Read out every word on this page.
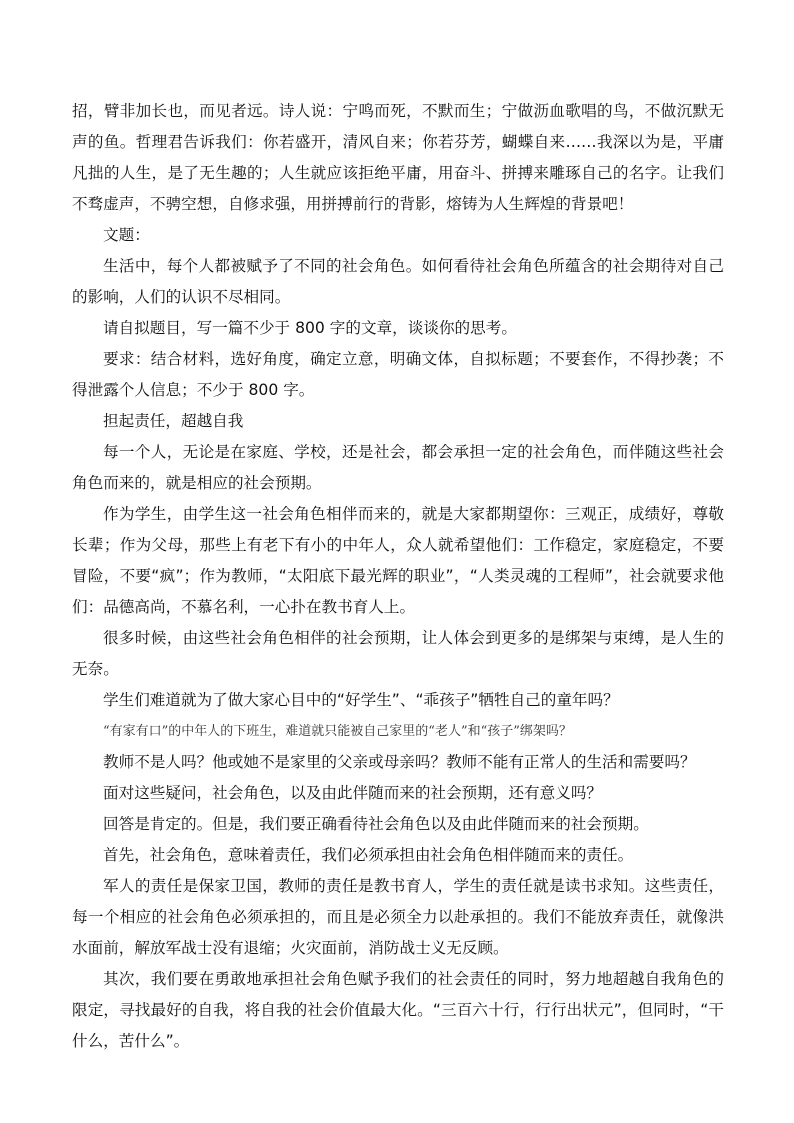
招，臂非加长也，而见者远。诗人说：宁鸣而死，不默而生；宁做沥血歌唱的鸟，不做沉默无声的鱼。哲理君告诉我们：你若盛开，清风自来；你若芬芳，蝴蝶自来……我深以为是，平庸凡拙的人生，是了无生趣的；人生就应该拒绝平庸，用奋斗、拼搏来雕琢自己的名字。让我们不骛虚声，不骋空想，自修求强，用拼搏前行的背影，熔铸为人生辉煌的背景吧！

文题：

生活中，每个人都被赋予了不同的社会角色。如何看待社会角色所蕴含的社会期待对自己的影响，人们的认识不尽相同。

请自拟题目，写一篇不少于 800 字的文章，谈谈你的思考。

要求：结合材料，选好角度，确定立意，明确文体，自拟标题；不要套作，不得抄袭；不得泄露个人信息；不少于 800 字。

担起责任，超越自我

每一个人，无论是在家庭、学校，还是社会，都会承担一定的社会角色，而伴随这些社会角色而来的，就是相应的社会预期。

作为学生，由学生这一社会角色相伴而来的，就是大家都期望你：三观正，成绩好，尊敬长辈；作为父母，那些上有老下有小的中年人，众人就希望他们：工作稳定，家庭稳定，不要冒险，不要“疯”；作为教师，“太阳底下最光辉的职业”，“人类灵魂的工程师”，社会就要求他们：品德高尚，不慕名利，一心扑在教书育人上。

很多时候，由这些社会角色相伴的社会预期，让人体会到更多的是绑架与束缚，是人生的无奈。

学生们难道就为了做大家心目中的“好学生”、“乖孩子”牺牲自己的童年吗？

“有家有口”的中年人的下班生，难道就只能被自己家里的“老人”和“孩子”绑架吗？

教师不是人吗？他或她不是家里的父亲或母亲吗？教师不能有正常人的生活和需要吗？

面对这些疑问，社会角色，以及由此伴随而来的社会预期，还有意义吗？

回答是肯定的。但是，我们要正确看待社会角色以及由此伴随而来的社会预期。

首先，社会角色，意味着责任，我们必须承担由社会角色相伴随而来的责任。

军人的责任是保家卫国，教师的责任是教书育人，学生的责任就是读书求知。这些责任，每一个相应的社会角色必须承担的，而且是必须全力以赴承担的。我们不能放弃责任，就像洪水面前，解放军战士没有退缩；火灾面前，消防战士义无反顾。

其次，我们要在勇敢地承担社会角色赋予我们的社会责任的同时，努力地超越自我角色的限定，寻找最好的自我，将自我的社会价值最大化。“三百六十行，行行出状元”，但同时，“干什么，苦什么”。
